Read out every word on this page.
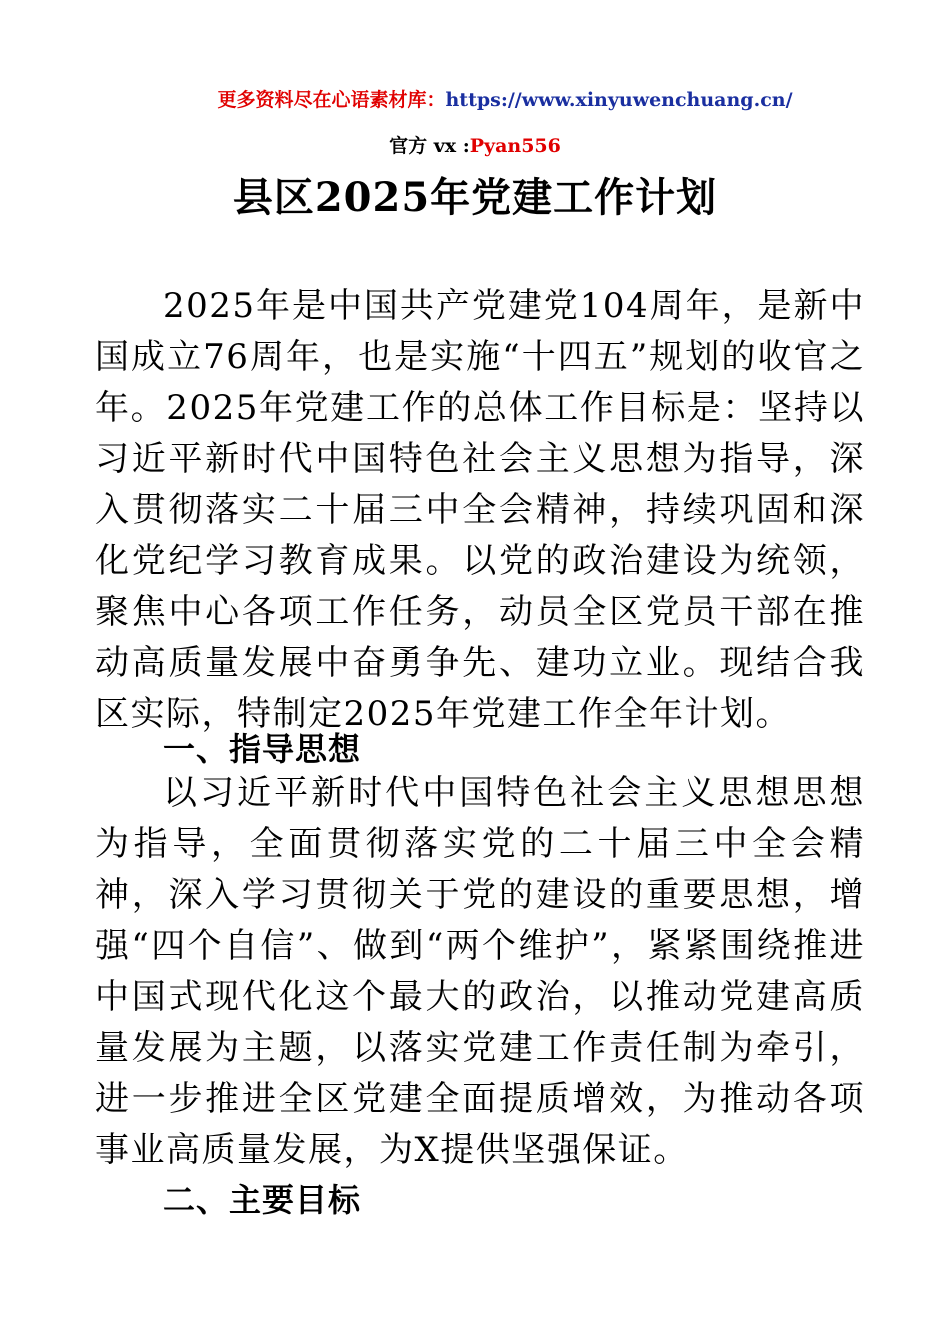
更多资料尽在心语素材库：https://www.xinyuwenchuang.cn/
官方 vx :Pyan556
县区2025年党建工作计划
2025年是中国共产党建党104周年，是新中国成立76周年，也是实施“十四五”规划的收官之年。2025年党建工作的总体工作目标是：坚持以习近平新时代中国特色社会主义思想为指导，深入贯彻落实二十届三中全会精神，持续巩固和深化党纪学习教育成果。以党的政治建设为统领，聚焦中心各项工作任务，动员全区党员干部在推动高质量发展中奋勇争先、建功立业。现结合我区实际，特制定2025年党建工作全年计划。
一、指导思想
以习近平新时代中国特色社会主义思想思想为指导，全面贯彻落实党的二十届三中全会精神，深入学习贯彻关于党的建设的重要思想，增强“四个自信”、做到“两个维护”，紧紧围绕推进中国式现代化这个最大的政治，以推动党建高质量发展为主题，以落实党建工作责任制为牵引，进一步推进全区党建全面提质增效，为推动各项事业高质量发展，为X提供坚强保证。
二、主要目标
